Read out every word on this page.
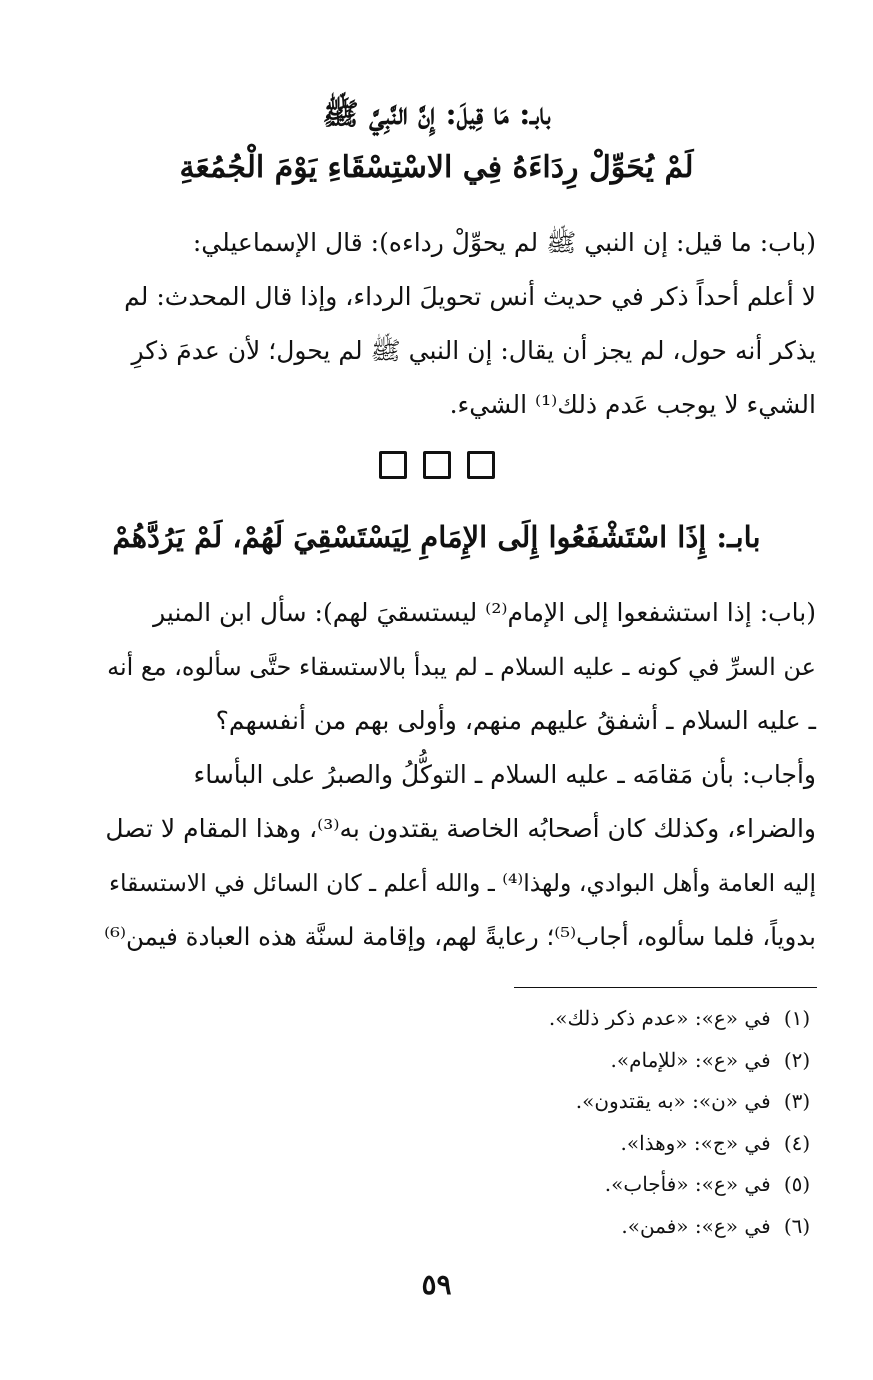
بابـ: مَا قِيلَ: إِنَّ النَّبِيَّ ﷺ
لَمْ يُحَوِّلْ رِدَاءَهُ فِي الاسْتِسْقَاءِ يَوْمَ الْجُمُعَةِ
(باب: ما قيل: إن النبي ﷺ لم يحوِّلْ رداءه): قال الإسماعيلي:
لا أعلم أحداً ذكر في حديث أنس تحويلَ الرداء، وإذا قال المحدث: لم
يذكر أنه حول، لم يجز أن يقال: إن النبي ﷺ لم يحول؛ لأن عدمَ ذكرِ
الشيء لا يوجب عَدم ذلك⁽¹⁾ الشيء.
بابـ: إِذَا اسْتَشْفَعُوا إِلَى الإِمَامِ لِيَسْتَسْقِيَ لَهُمْ، لَمْ يَرُدَّهُمْ
(باب: إذا استشفعوا إلى الإمام⁽²⁾ ليستسقيَ لهم): سأل ابن المنير
عن السرِّ في كونه ـ عليه السلام ـ لم يبدأ بالاستسقاء حتَّى سألوه، مع أنه
ـ عليه السلام ـ أشفقُ عليهم منهم، وأولى بهم من أنفسهم؟
وأجاب: بأن مَقامَه ـ عليه السلام ـ التوكُّلُ والصبرُ على البأساء
والضراء، وكذلك كان أصحابُه الخاصة يقتدون به⁽³⁾، وهذا المقام لا تصل
إليه العامة وأهل البوادي، ولهذا⁽⁴⁾ ـ والله أعلم ـ كان السائل في الاستسقاء
بدوياً، فلما سألوه، أجاب⁽⁵⁾؛ رعايةً لهم، وإقامة لسنَّة هذه العبادة فيمن⁽⁶⁾
(١) في «ع»: «عدم ذكر ذلك».
(٢) في «ع»: «للإمام».
(٣) في «ن»: «به يقتدون».
(٤) في «ج»: «وهذا».
(٥) في «ع»: «فأجاب».
(٦) في «ع»: «فمن».
٥٩
